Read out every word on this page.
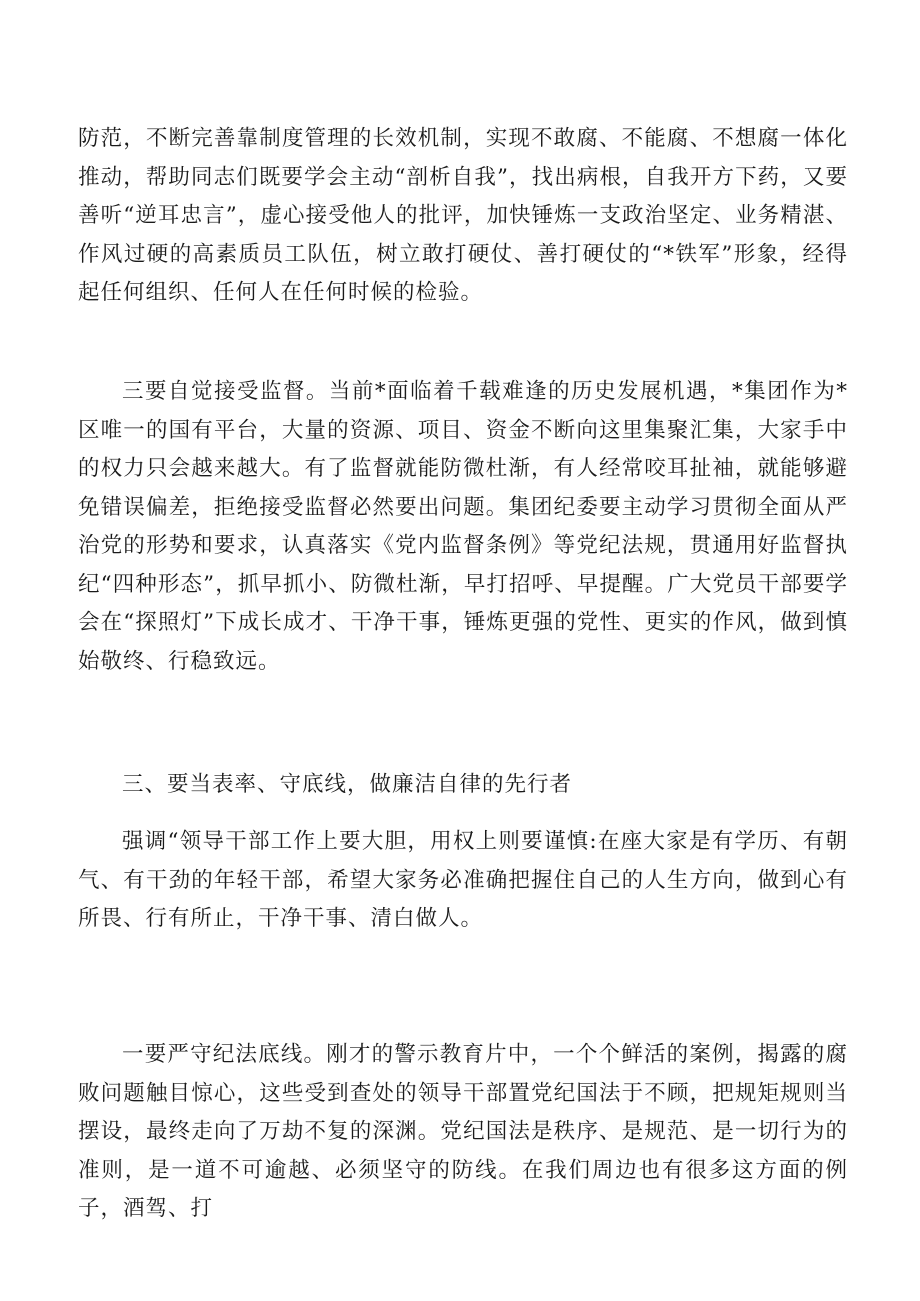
防范，不断完善靠制度管理的长效机制，实现不敢腐、不能腐、不想腐一体化推动，帮助同志们既要学会主动“剖析自我”，找出病根，自我开方下药，又要善听“逆耳忠言”，虚心接受他人的批评，加快锤炼一支政治坚定、业务精湛、作风过硬的高素质员工队伍，树立敢打硬仗、善打硬仗的“*铁军”形象，经得起任何组织、任何人在任何时候的检验。

三要自觉接受监督。当前*面临着千载难逢的历史发展机遇，*集团作为*区唯一的国有平台，大量的资源、项目、资金不断向这里集聚汇集，大家手中的权力只会越来越大。有了监督就能防微杜渐，有人经常咬耳扯袖，就能够避免错误偏差，拒绝接受监督必然要出问题。集团纪委要主动学习贯彻全面从严治党的形势和要求，认真落实《党内监督条例》等党纪法规，贯通用好监督执纪“四种形态”，抓早抓小、防微杜渐，早打招呼、早提醒。广大党员干部要学会在“探照灯”下成长成才、干净干事，锤炼更强的党性、更实的作风，做到慎始敬终、行稳致远。

三、要当表率、守底线，做廉洁自律的先行者

强调“领导干部工作上要大胆，用权上则要谨慎:在座大家是有学历、有朝气、有干劲的年轻干部，希望大家务必准确把握住自己的人生方向，做到心有所畏、行有所止，干净干事、清白做人。

一要严守纪法底线。刚才的警示教育片中，一个个鲜活的案例，揭露的腐败问题触目惊心，这些受到查处的领导干部置党纪国法于不顾，把规矩规则当摆设，最终走向了万劫不复的深渊。党纪国法是秩序、是规范、是一切行为的准则，是一道不可逾越、必须坚守的防线。在我们周边也有很多这方面的例子，酒驾、打
